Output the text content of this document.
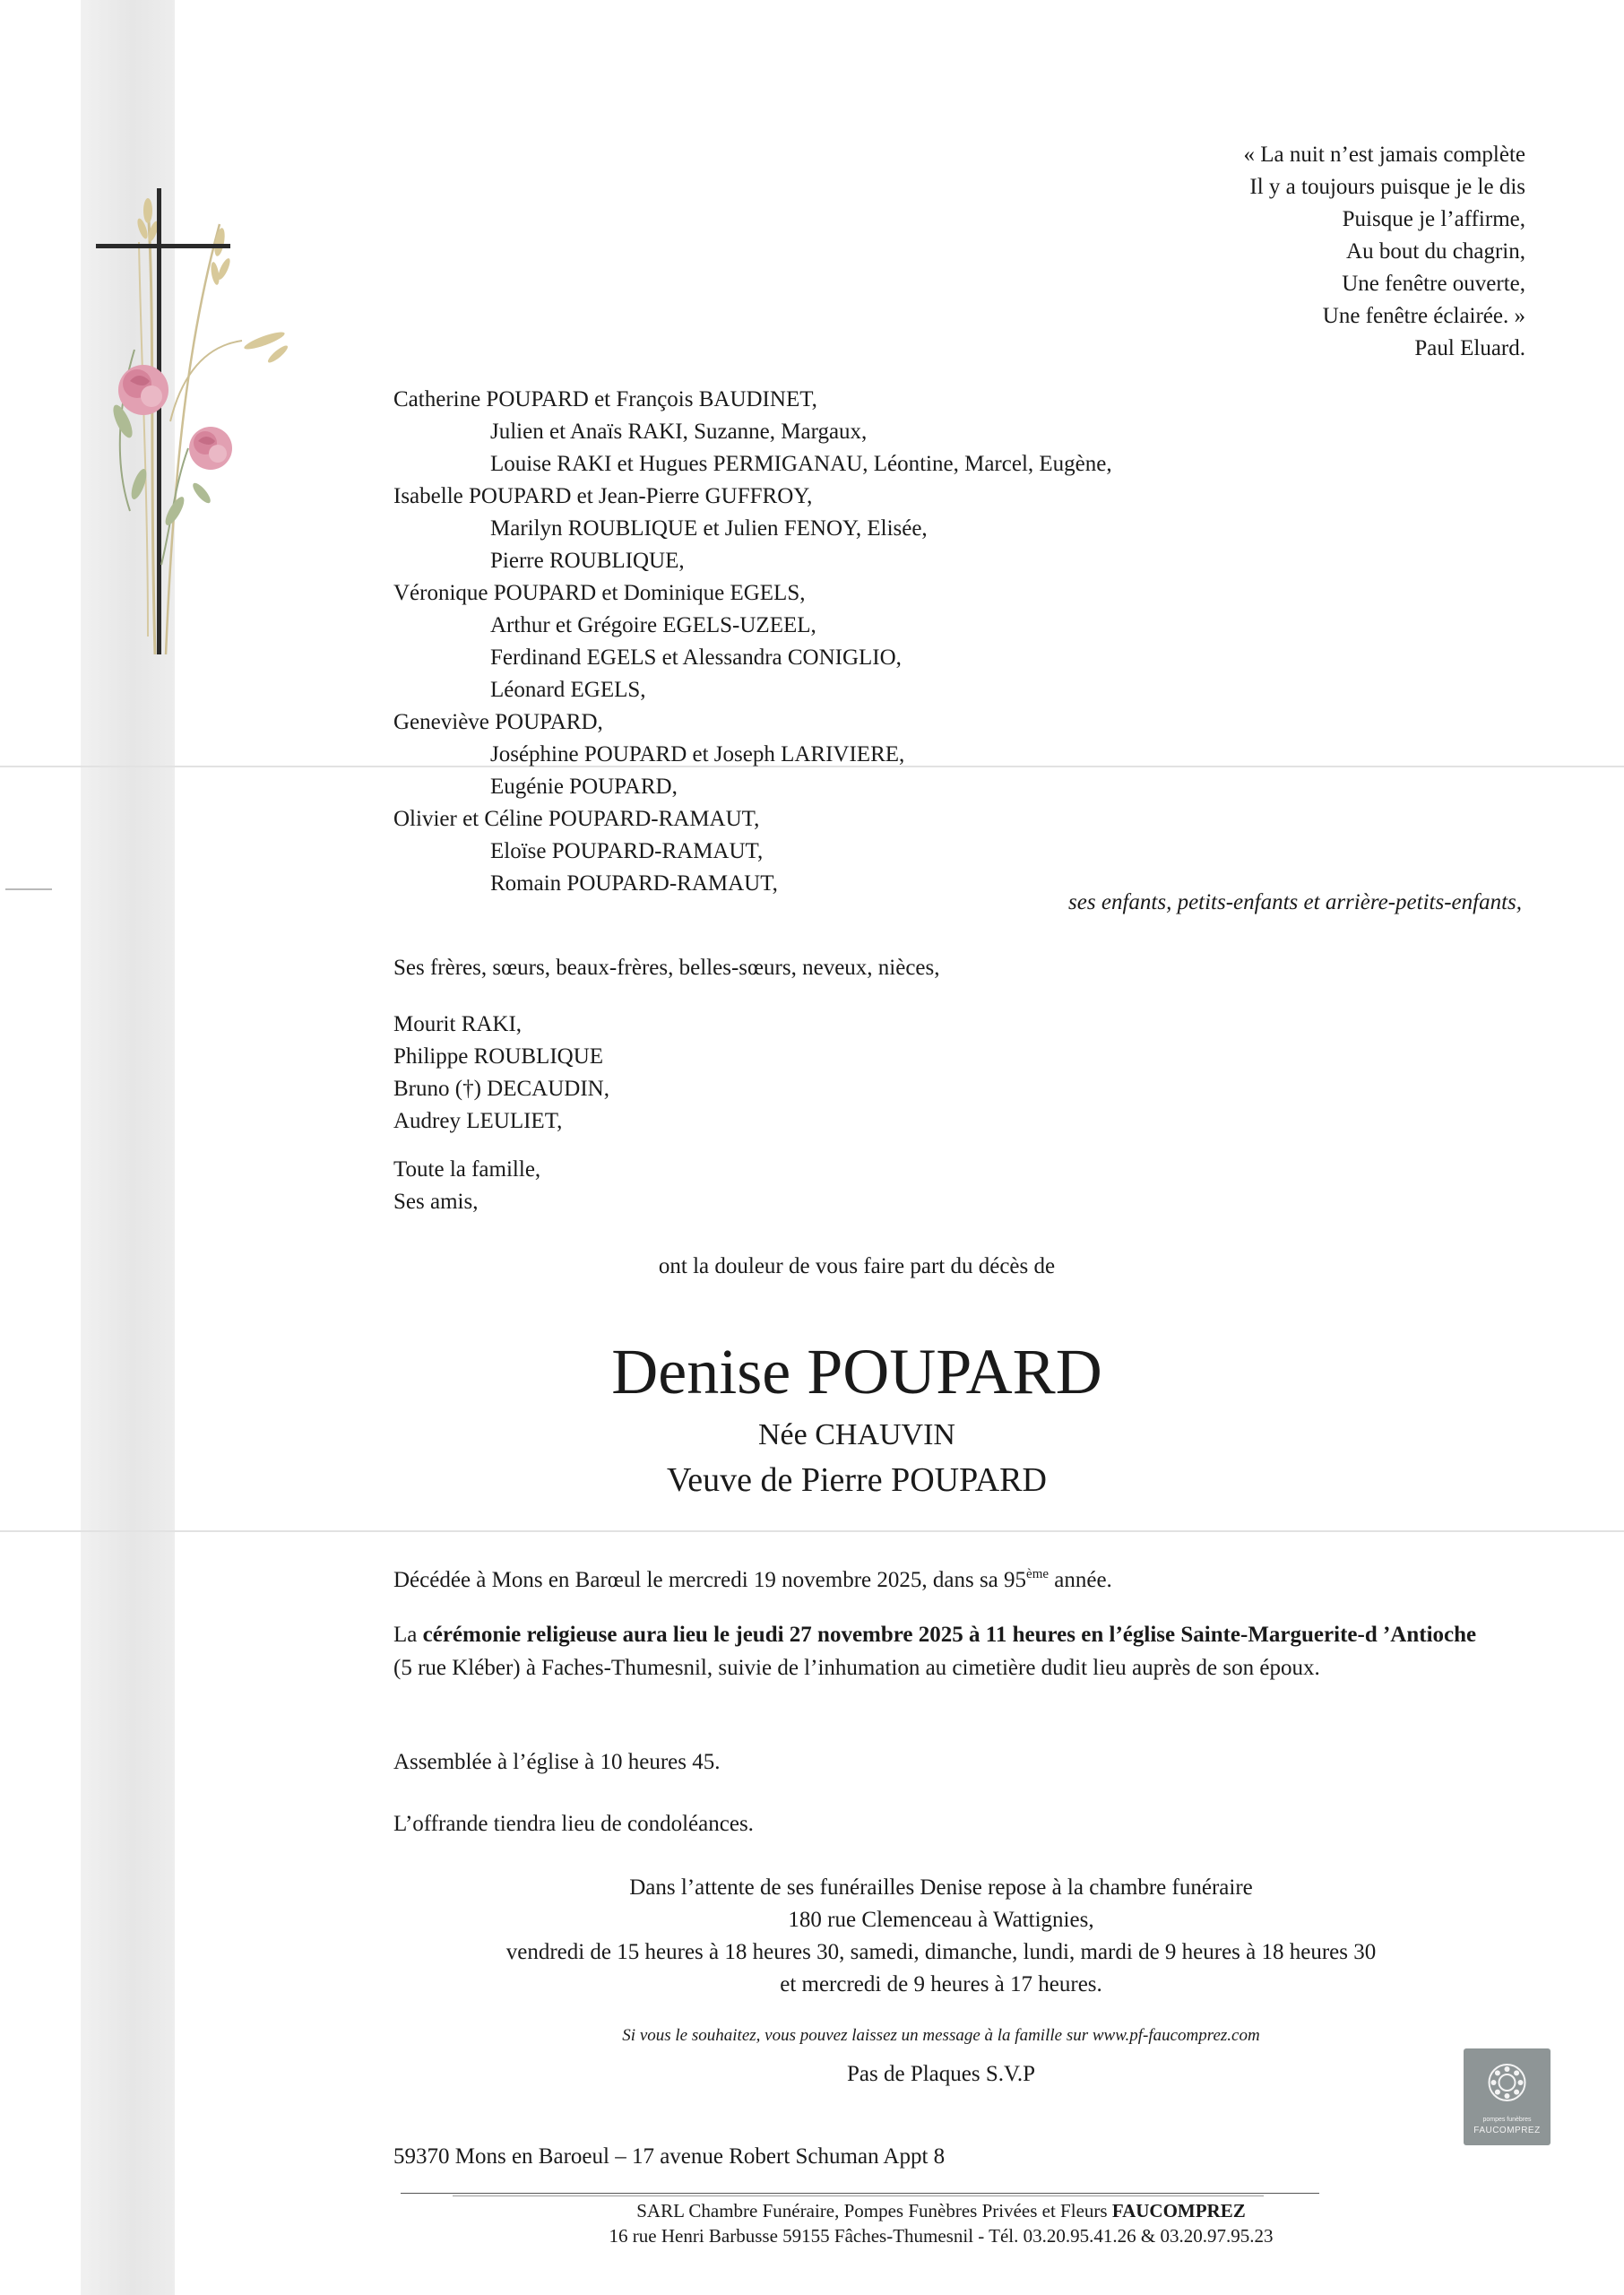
« La nuit n’est jamais complète
Il y a toujours puisque je le dis
Puisque je l’affirme,
Au bout du chagrin,
Une fenêtre ouverte,
Une fenêtre éclairée. »
Paul Eluard.
Catherine POUPARD et François BAUDINET,
Julien et Anaïs RAKI, Suzanne, Margaux,
Louise RAKI et Hugues PERMIGANAU, Léontine, Marcel, Eugène,
Isabelle POUPARD et Jean-Pierre GUFFROY,
Marilyn ROUBLIQUE et Julien FENOY, Elisée,
Pierre ROUBLIQUE,
Véronique POUPARD et Dominique EGELS,
Arthur et Grégoire EGELS-UZEEL,
Ferdinand EGELS et Alessandra CONIGLIO,
Léonard EGELS,
Geneviève POUPARD,
Joséphine POUPARD et Joseph LARIVIERE,
Eugénie POUPARD,
Olivier et Céline POUPARD-RAMAUT,
Eloïse POUPARD-RAMAUT,
Romain POUPARD-RAMAUT,
ses enfants, petits-enfants et arrière-petits-enfants,
Ses frères, sœurs, beaux-frères, belles-sœurs, neveux, nièces,
Mourit RAKI,
Philippe ROUBLIQUE
Bruno (†) DECAUDIN,
Audrey LEULIET,
Toute la famille,
Ses amis,
ont la douleur de vous faire part du décès de
Denise POUPARD
Née CHAUVIN
Veuve de Pierre POUPARD
Décédée à Mons en Barœul le mercredi 19 novembre 2025, dans sa 95ème année.
La cérémonie religieuse aura lieu le jeudi 27 novembre 2025 à 11 heures en l’église Sainte-Marguerite-d ’Antioche (5 rue Kléber) à Faches-Thumesnil, suivie de l’inhumation au cimetière dudit lieu auprès de son époux.
Assemblée à l’église à 10 heures 45.
L’offrande tiendra lieu de condoléances.
Dans l’attente de ses funérailles Denise repose à la chambre funéraire
180 rue Clemenceau à Wattignies,
vendredi de 15 heures à 18 heures 30, samedi, dimanche, lundi, mardi de 9 heures à 18 heures 30
et mercredi de 9 heures à 17 heures.
Si vous le souhaitez, vous pouvez laissez un message à la famille sur www.pf-faucomprez.com
Pas de Plaques S.V.P
pompes funèbres
FAUCOMPREZ
59370 Mons en Baroeul – 17 avenue Robert Schuman Appt 8
SARL Chambre Funéraire, Pompes Funèbres Privées et Fleurs FAUCOMPREZ
16 rue Henri Barbusse 59155 Fâches-Thumesnil - Tél. 03.20.95.41.26 & 03.20.97.95.23
